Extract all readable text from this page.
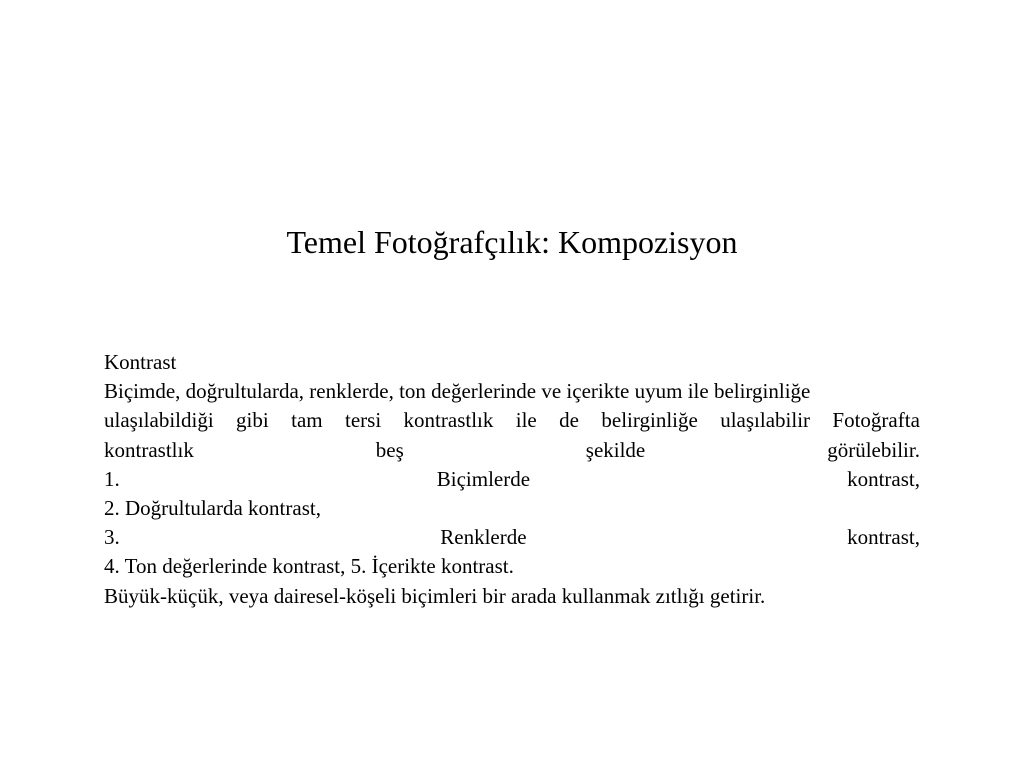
Temel Fotoğrafçılık: Kompozisyon
Kontrast
Biçimde, doğrultularda, renklerde, ton değerlerinde ve içerikte uyum ile belirginliğe
ulaşılabildiği gibi tam tersi kontrastlık ile de belirginliğe ulaşılabilir Fotoğrafta
kontrastlık	beş	şekilde	görülebilir.
1.	Biçimlerde	kontrast,
2. Doğrultularda kontrast,
3.	Renklerde	kontrast,
4. Ton değerlerinde kontrast, 5. İçerikte kontrast.
Büyük-küçük, veya dairesel-köşeli biçimleri bir arada kullanmak zıtlığı getirir.
